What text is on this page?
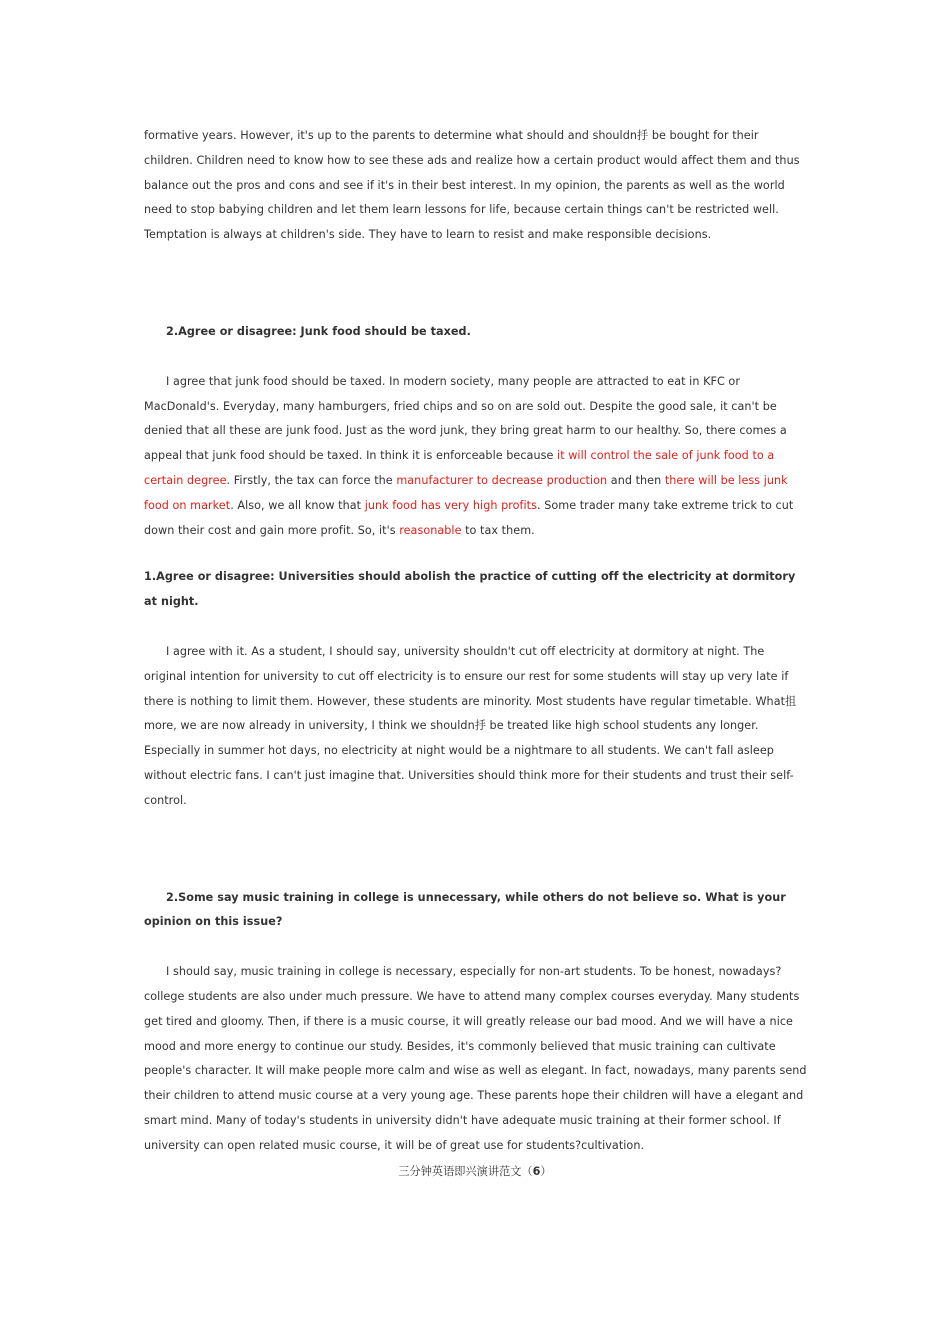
formative years. However, it's up to the parents to determine what should and shouldn抙 be bought for their children. Children need to know how to see these ads and realize how a certain product would affect them and thus balance out the pros and cons and see if it's in their best interest. In my opinion, the parents as well as the world need to stop babying children and let them learn lessons for life, because certain things can't be restricted well. Temptation is always at children's side. They have to learn to resist and make responsible decisions.

2.Agree or disagree: Junk food should be taxed.

I agree that junk food should be taxed. In modern society, many people are attracted to eat in KFC or MacDonald's. Everyday, many hamburgers, fried chips and so on are sold out. Despite the good sale, it can't be denied that all these are junk food. Just as the word junk, they bring great harm to our healthy. So, there comes a appeal that junk food should be taxed. In think it is enforceable because it will control the sale of junk food to a certain degree. Firstly, the tax can force the manufacturer to decrease production and then there will be less junk food on market. Also, we all know that junk food has very high profits. Some trader many take extreme trick to cut down their cost and gain more profit. So, it's reasonable to tax them.

1.Agree or disagree: Universities should abolish the practice of cutting off the electricity at dormitory at night.

I agree with it. As a student, I should say, university shouldn't cut off electricity at dormitory at night. The original intention for university to cut off electricity is to ensure our rest for some students will stay up very late if there is nothing to limit them. However, these students are minority. Most students have regular timetable. What抯 more, we are now already in university, I think we shouldn抙 be treated like high school students any longer. Especially in summer hot days, no electricity at night would be a nightmare to all students. We can't fall asleep without electric fans. I can't just imagine that. Universities should think more for their students and trust their self-control.

2.Some say music training in college is unnecessary, while others do not believe so. What is your opinion on this issue?

I should say, music training in college is necessary, especially for non-art students. To be honest, nowadays?college students are also under much pressure. We have to attend many complex courses everyday. Many students get tired and gloomy. Then, if there is a music course, it will greatly release our bad mood. And we will have a nice mood and more energy to continue our study. Besides, it's commonly believed that music training can cultivate people's character. It will make people more calm and wise as well as elegant. In fact, nowadays, many parents send their children to attend music course at a very young age. These parents hope their children will have a elegant and smart mind. Many of today's students in university didn't have adequate music training at their former school. If university can open related music course, it will be of great use for students?cultivation.

三分钟英语即兴演讲范文（6）
